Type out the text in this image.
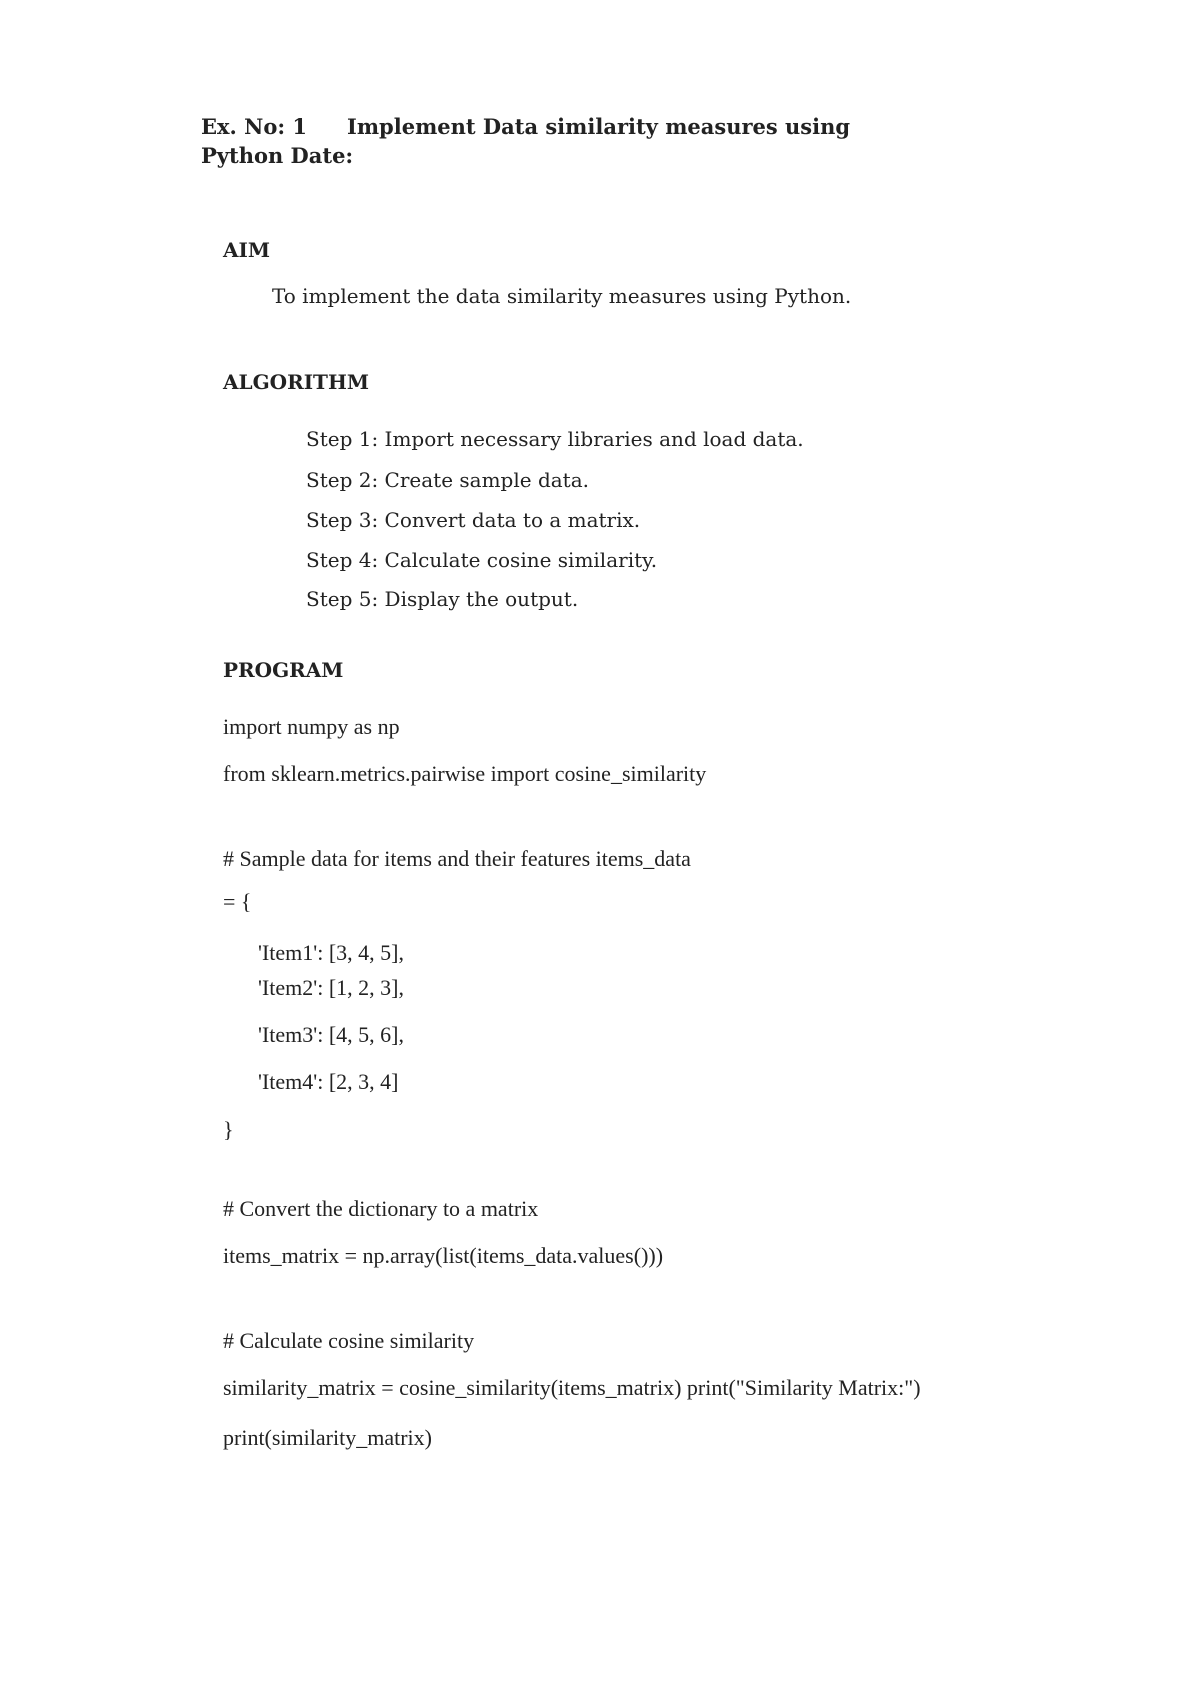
Ex. No: 1 Implement Data similarity measures using
Python Date:
AIM
To implement the data similarity measures using Python.
ALGORITHM
Step 1: Import necessary libraries and load data.
Step 2: Create sample data.
Step 3: Convert data to a matrix.
Step 4: Calculate cosine similarity.
Step 5: Display the output.
PROGRAM
import numpy as np
from sklearn.metrics.pairwise import cosine_similarity
# Sample data for items and their features items_data
= {
'Item1': [3, 4, 5],
'Item2': [1, 2, 3],
'Item3': [4, 5, 6],
'Item4': [2, 3, 4]
}
# Convert the dictionary to a matrix
items_matrix = np.array(list(items_data.values()))
# Calculate cosine similarity
similarity_matrix = cosine_similarity(items_matrix) print("Similarity Matrix:")
print(similarity_matrix)
